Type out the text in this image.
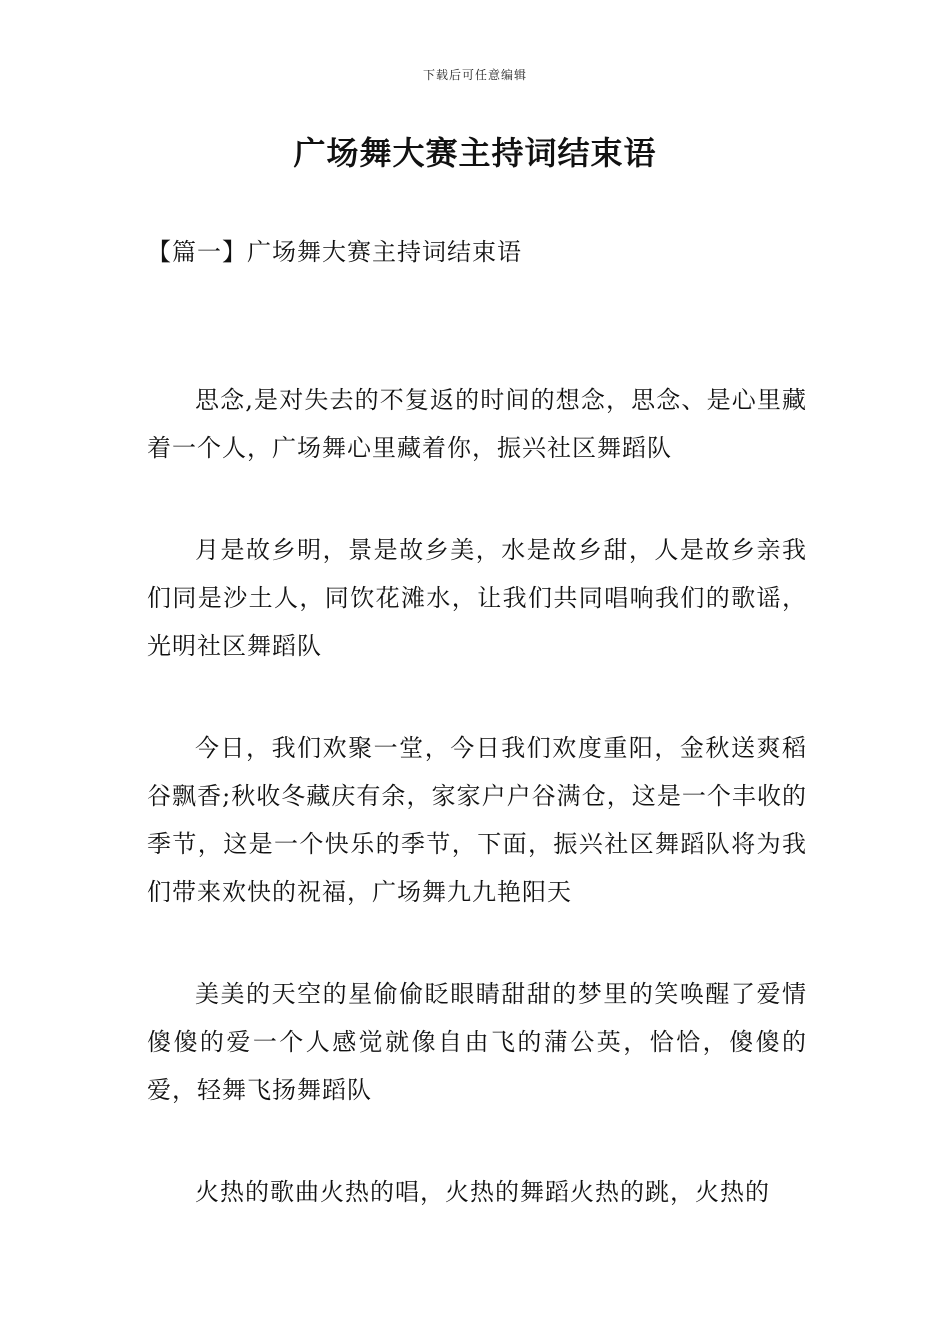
下载后可任意编辑
广场舞大赛主持词结束语
【篇一】广场舞大赛主持词结束语

思念,是对失去的不复返的时间的想念，思念、是心里藏着一个人，广场舞心里藏着你，振兴社区舞蹈队

月是故乡明，景是故乡美，水是故乡甜，人是故乡亲我们同是沙土人，同饮花滩水，让我们共同唱响我们的歌谣，光明社区舞蹈队

今日，我们欢聚一堂，今日我们欢度重阳，金秋送爽稻谷飘香;秋收冬藏庆有余，家家户户谷满仓，这是一个丰收的季节，这是一个快乐的季节，下面，振兴社区舞蹈队将为我们带来欢快的祝福，广场舞九九艳阳天

美美的天空的星偷偷眨眼睛甜甜的梦里的笑唤醒了爱情傻傻的爱一个人感觉就像自由飞的蒲公英，恰恰，傻傻的爱，轻舞飞扬舞蹈队

火热的歌曲火热的唱，火热的舞蹈火热的跳，火热的
